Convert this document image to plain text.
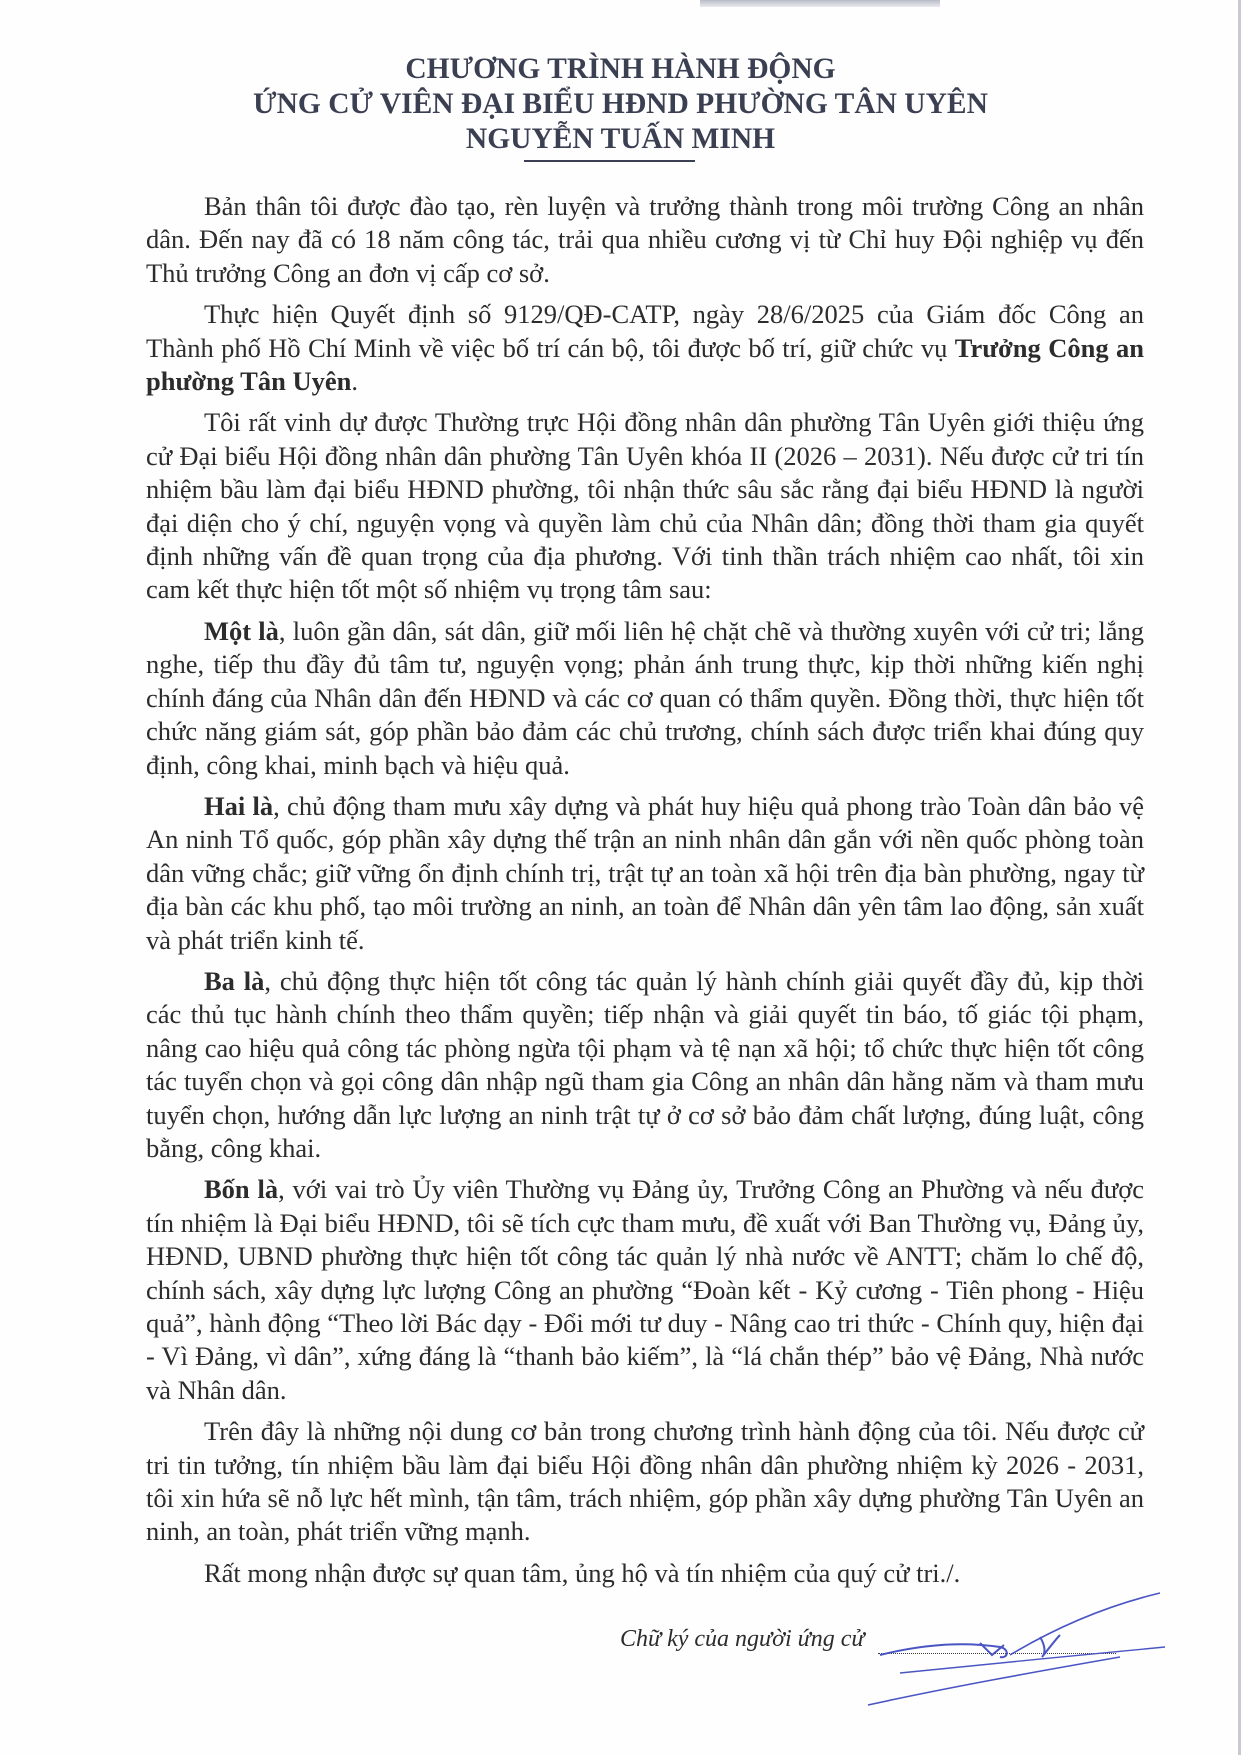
CHƯƠNG TRÌNH HÀNH ĐỘNG
ỨNG CỬ VIÊN ĐẠI BIỂU HĐND PHƯỜNG TÂN UYÊN
NGUYỄN TUẤN MINH

Bản thân tôi được đào tạo, rèn luyện và trưởng thành trong môi trường Công an nhân dân. Đến nay đã có 18 năm công tác, trải qua nhiều cương vị từ Chỉ huy Đội nghiệp vụ đến Thủ trưởng Công an đơn vị cấp cơ sở.

Thực hiện Quyết định số 9129/QĐ-CATP, ngày 28/6/2025 của Giám đốc Công an Thành phố Hồ Chí Minh về việc bố trí cán bộ, tôi được bố trí, giữ chức vụ Trưởng Công an phường Tân Uyên.

Tôi rất vinh dự được Thường trực Hội đồng nhân dân phường Tân Uyên giới thiệu ứng cử Đại biểu Hội đồng nhân dân phường Tân Uyên khóa II (2026 – 2031). Nếu được cử tri tín nhiệm bầu làm đại biểu HĐND phường, tôi nhận thức sâu sắc rằng đại biểu HĐND là người đại diện cho ý chí, nguyện vọng và quyền làm chủ của Nhân dân; đồng thời tham gia quyết định những vấn đề quan trọng của địa phương. Với tinh thần trách nhiệm cao nhất, tôi xin cam kết thực hiện tốt một số nhiệm vụ trọng tâm sau:

Một là, luôn gần dân, sát dân, giữ mối liên hệ chặt chẽ và thường xuyên với cử tri; lắng nghe, tiếp thu đầy đủ tâm tư, nguyện vọng; phản ánh trung thực, kịp thời những kiến nghị chính đáng của Nhân dân đến HĐND và các cơ quan có thẩm quyền. Đồng thời, thực hiện tốt chức năng giám sát, góp phần bảo đảm các chủ trương, chính sách được triển khai đúng quy định, công khai, minh bạch và hiệu quả.

Hai là, chủ động tham mưu xây dựng và phát huy hiệu quả phong trào Toàn dân bảo vệ An ninh Tổ quốc, góp phần xây dựng thế trận an ninh nhân dân gắn với nền quốc phòng toàn dân vững chắc; giữ vững ổn định chính trị, trật tự an toàn xã hội trên địa bàn phường, ngay từ địa bàn các khu phố, tạo môi trường an ninh, an toàn để Nhân dân yên tâm lao động, sản xuất và phát triển kinh tế.

Ba là, chủ động thực hiện tốt công tác quản lý hành chính giải quyết đầy đủ, kịp thời các thủ tục hành chính theo thẩm quyền; tiếp nhận và giải quyết tin báo, tố giác tội phạm, nâng cao hiệu quả công tác phòng ngừa tội phạm và tệ nạn xã hội; tổ chức thực hiện tốt công tác tuyển chọn và gọi công dân nhập ngũ tham gia Công an nhân dân hằng năm và tham mưu tuyển chọn, hướng dẫn lực lượng an ninh trật tự ở cơ sở bảo đảm chất lượng, đúng luật, công bằng, công khai.

Bốn là, với vai trò Ủy viên Thường vụ Đảng ủy, Trưởng Công an Phường và nếu được tín nhiệm là Đại biểu HĐND, tôi sẽ tích cực tham mưu, đề xuất với Ban Thường vụ, Đảng ủy, HĐND, UBND phường thực hiện tốt công tác quản lý nhà nước về ANTT; chăm lo chế độ, chính sách, xây dựng lực lượng Công an phường “Đoàn kết - Kỷ cương - Tiên phong - Hiệu quả”, hành động “Theo lời Bác dạy - Đổi mới tư duy - Nâng cao tri thức - Chính quy, hiện đại - Vì Đảng, vì dân”, xứng đáng là “thanh bảo kiếm”, là “lá chắn thép” bảo vệ Đảng, Nhà nước và Nhân dân.

Trên đây là những nội dung cơ bản trong chương trình hành động của tôi. Nếu được cử tri tin tưởng, tín nhiệm bầu làm đại biểu Hội đồng nhân dân phường nhiệm kỳ 2026 - 2031, tôi xin hứa sẽ nỗ lực hết mình, tận tâm, trách nhiệm, góp phần xây dựng phường Tân Uyên an ninh, an toàn, phát triển vững mạnh.

Rất mong nhận được sự quan tâm, ủng hộ và tín nhiệm của quý cử tri./.

Chữ ký của người ứng cử
